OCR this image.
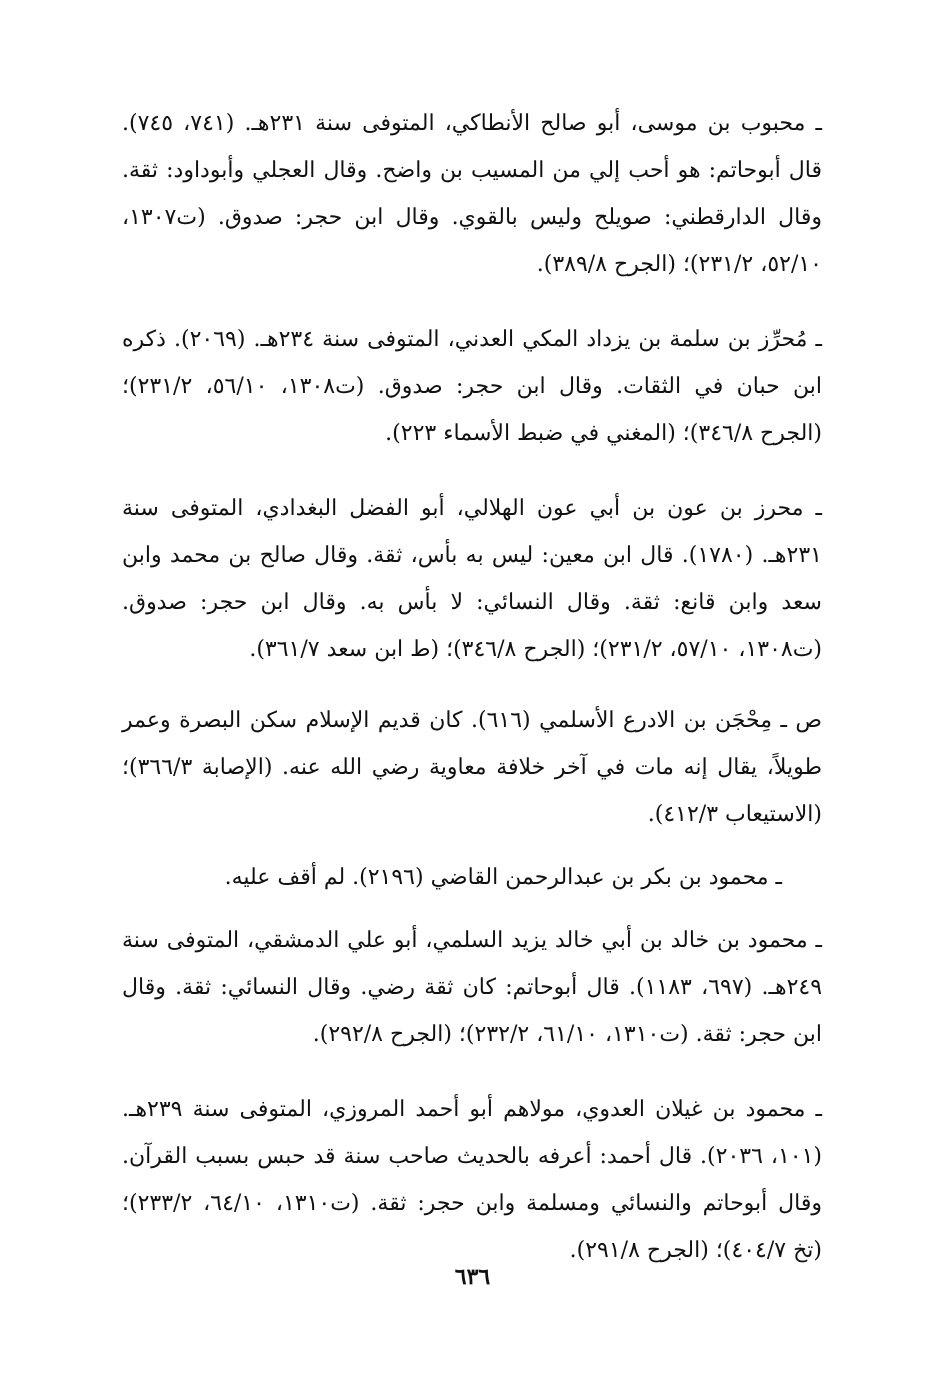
ـ محبوب بن موسى، أبو صالح الأنطاكي، المتوفى سنة ٢٣١هـ. (٧٤١، ٧٤٥). قال أبوحاتم: هو أحب إلي من المسيب بن واضح. وقال العجلي وأبوداود: ثقة. وقال الدارقطني: صويلح وليس بالقوي. وقال ابن حجر: صدوق. (ت١٣٠٧، ٥٢/١٠، ٢٣١/٢)؛ (الجرح ٣٨٩/٨).

ـ مُحرِّز بن سلمة بن يزداد المكي العدني، المتوفى سنة ٢٣٤هـ. (٢٠٦٩). ذكره ابن حبان في الثقات. وقال ابن حجر: صدوق. (ت١٣٠٨، ٥٦/١٠، ٢٣١/٢)؛ (الجرح ٣٤٦/٨)؛ (المغني في ضبط الأسماء ٢٢٣).

ـ محرز بن عون بن أبي عون الهلالي، أبو الفضل البغدادي، المتوفى سنة ٢٣١هـ. (١٧٨٠). قال ابن معين: ليس به بأس، ثقة. وقال صالح بن محمد وابن سعد وابن قانع: ثقة. وقال النسائي: لا بأس به. وقال ابن حجر: صدوق. (ت١٣٠٨، ٥٧/١٠، ٢٣١/٢)؛ (الجرح ٣٤٦/٨)؛ (ط ابن سعد ٣٦١/٧).

ص ـ مِحْجَن بن الادرع الأسلمي (٦١٦). كان قديم الإسلام سكن البصرة وعمر طويلاً، يقال إنه مات في آخر خلافة معاوية رضي الله عنه. (الإصابة ٣٦٦/٣)؛ (الاستيعاب ٤١٢/٣).

ـ محمود بن بكر بن عبدالرحمن القاضي (٢١٩٦). لم أقف عليه.

ـ محمود بن خالد بن أبي خالد يزيد السلمي، أبو علي الدمشقي، المتوفى سنة ٢٤٩هـ. (٦٩٧، ١١٨٣). قال أبوحاتم: كان ثقة رضي. وقال النسائي: ثقة. وقال ابن حجر: ثقة. (ت١٣١٠، ٦١/١٠، ٢٣٢/٢)؛ (الجرح ٢٩٢/٨).

ـ محمود بن غيلان العدوي، مولاهم أبو أحمد المروزي، المتوفى سنة ٢٣٩هـ. (١٠١، ٢٠٣٦). قال أحمد: أعرفه بالحديث صاحب سنة قد حبس بسبب القرآن. وقال أبوحاتم والنسائي ومسلمة وابن حجر: ثقة. (ت١٣١٠، ٦٤/١٠، ٢٣٣/٢)؛ (تخ ٤٠٤/٧)؛ (الجرح ٢٩١/٨).

٦٣٦
